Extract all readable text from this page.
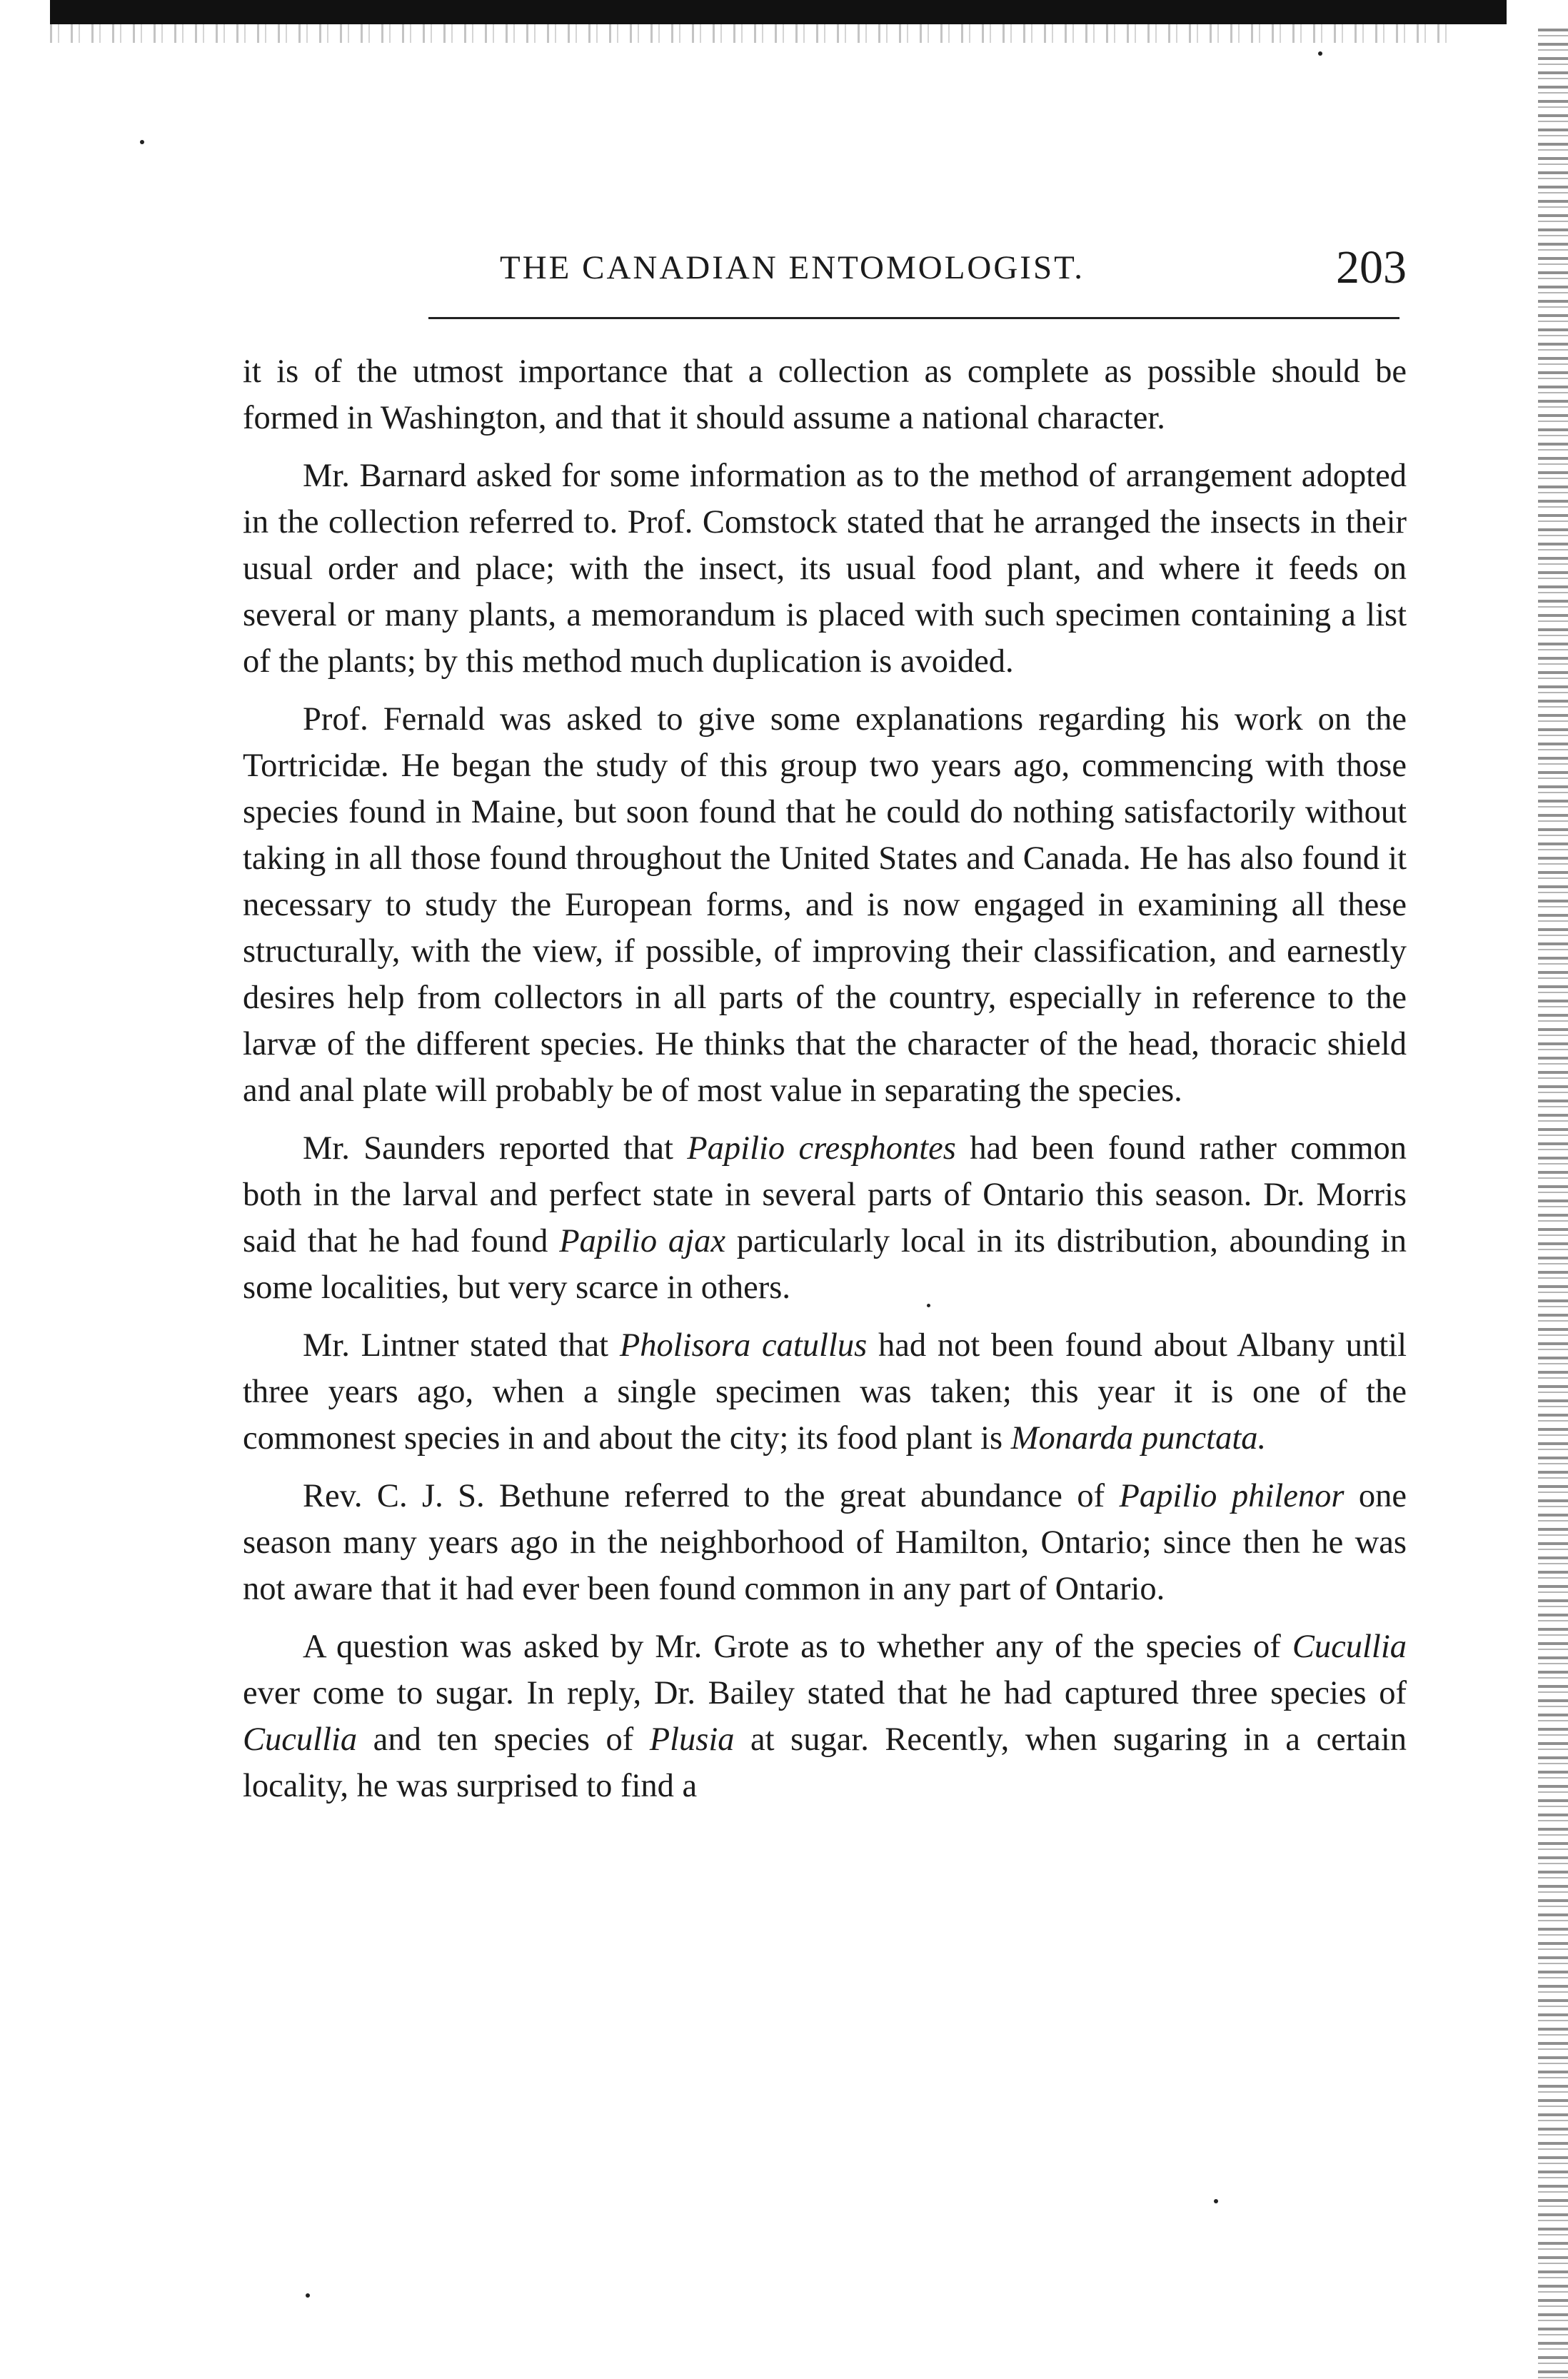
THE CANADIAN ENTOMOLOGIST.	203

it is of the utmost importance that a collection as complete as possible should be formed in Washington, and that it should assume a national character.

Mr. Barnard asked for some information as to the method of arrangement adopted in the collection referred to. Prof. Comstock stated that he arranged the insects in their usual order and place; with the insect, its usual food plant, and where it feeds on several or many plants, a memorandum is placed with such specimen containing a list of the plants; by this method much duplication is avoided.

Prof. Fernald was asked to give some explanations regarding his work on the Tortricidæ. He began the study of this group two years ago, commencing with those species found in Maine, but soon found that he could do nothing satisfactorily without taking in all those found throughout the United States and Canada. He has also found it necessary to study the European forms, and is now engaged in examining all these structurally, with the view, if possible, of improving their classification, and earnestly desires help from collectors in all parts of the country, especially in reference to the larvæ of the different species. He thinks that the character of the head, thoracic shield and anal plate will probably be of most value in separating the species.

Mr. Saunders reported that Papilio cresphontes had been found rather common both in the larval and perfect state in several parts of Ontario this season. Dr. Morris said that he had found Papilio ajax particularly local in its distribution, abounding in some localities, but very scarce in others.

Mr. Lintner stated that Pholisora catullus had not been found about Albany until three years ago, when a single specimen was taken; this year it is one of the commonest species in and about the city; its food plant is Monarda punctata.

Rev. C. J. S. Bethune referred to the great abundance of Papilio philenor one season many years ago in the neighborhood of Hamilton, Ontario; since then he was not aware that it had ever been found common in any part of Ontario.

A question was asked by Mr. Grote as to whether any of the species of Cucullia ever come to sugar. In reply, Dr. Bailey stated that he had captured three species of Cucullia and ten species of Plusia at sugar. Recently, when sugaring in a certain locality, he was surprised to find a
